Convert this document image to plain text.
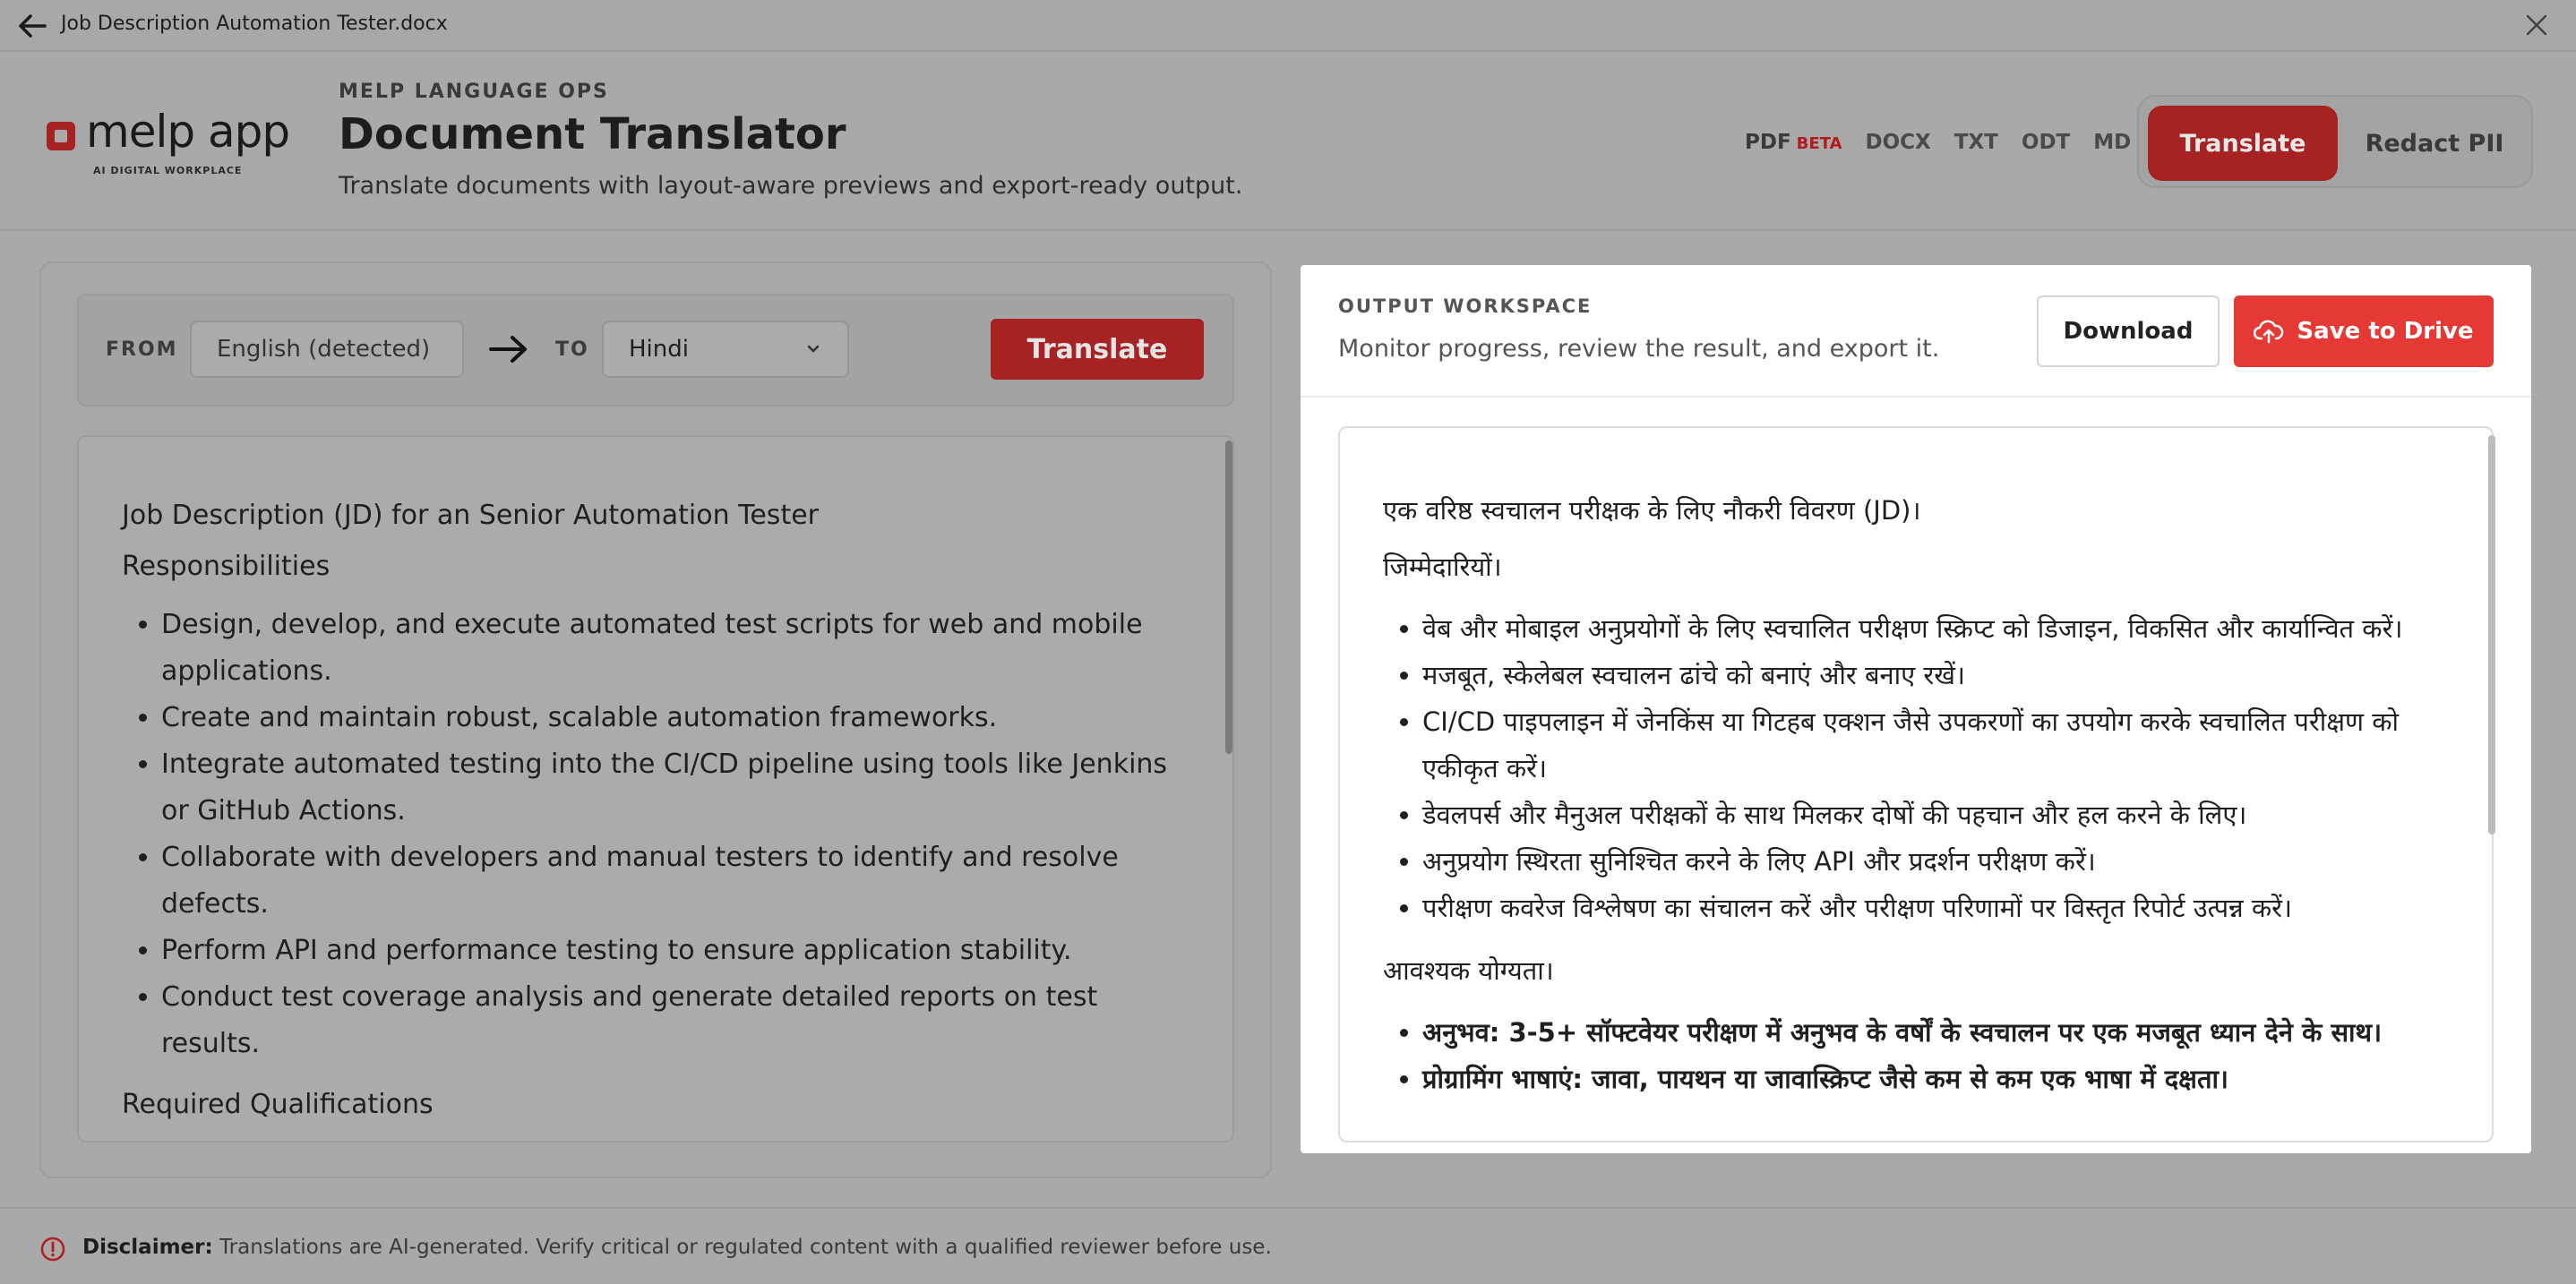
Job Description Automation Tester.docx
melp app
AI DIGITAL WORKPLACE
MELP LANGUAGE OPS
Document Translator
Translate documents with layout-aware previews and export-ready output.
PDF BETA DOCX TXT ODT MD	Translate	Redact PII
FROM	English (detected)	TO Hindi	Translate

Job Description (JD) for an Senior Automation Tester

Responsibilities

• Design, develop, and execute automated test scripts for web and mobile applications.
• Create and maintain robust, scalable automation frameworks.
• Integrate automated testing into the CI/CD pipeline using tools like Jenkins or GitHub Actions.
• Collaborate with developers and manual testers to identify and resolve defects.
• Perform API and performance testing to ensure application stability.
• Conduct test coverage analysis and generate detailed reports on test results.

Required Qualifications

OUTPUT WORKSPACE
Monitor progress, review the result, and export it.
Download	Save to Drive

एक वरिष्ठ स्वचालन परीक्षक के लिए नौकरी विवरण (JD)।

जिम्मेदारियों।

• वेब और मोबाइल अनुप्रयोगों के लिए स्वचालित परीक्षण स्क्रिप्ट को डिजाइन, विकसित और कार्यान्वित करें।
• मजबूत, स्केलेबल स्वचालन ढांचे को बनाएं और बनाए रखें।
• CI/CD पाइपलाइन में जेनकिंस या गिटहब एक्शन जैसे उपकरणों का उपयोग करके स्वचालित परीक्षण को एकीकृत करें।
• डेवलपर्स और मैनुअल परीक्षकों के साथ मिलकर दोषों की पहचान और हल करने के लिए।
• अनुप्रयोग स्थिरता सुनिश्चित करने के लिए API और प्रदर्शन परीक्षण करें।
• परीक्षण कवरेज विश्लेषण का संचालन करें और परीक्षण परिणामों पर विस्तृत रिपोर्ट उत्पन्न करें।

आवश्यक योग्यता।

• अनुभव: 3-5+ सॉफ्टवेयर परीक्षण में अनुभव के वर्षों के स्वचालन पर एक मजबूत ध्यान देने के साथ।
• प्रोग्रामिंग भाषाएं: जावा, पायथन या जावास्क्रिप्ट जैसे कम से कम एक भाषा में दक्षता।
Disclaimer: Translations are AI-generated. Verify critical or regulated content with a qualified reviewer before use.
